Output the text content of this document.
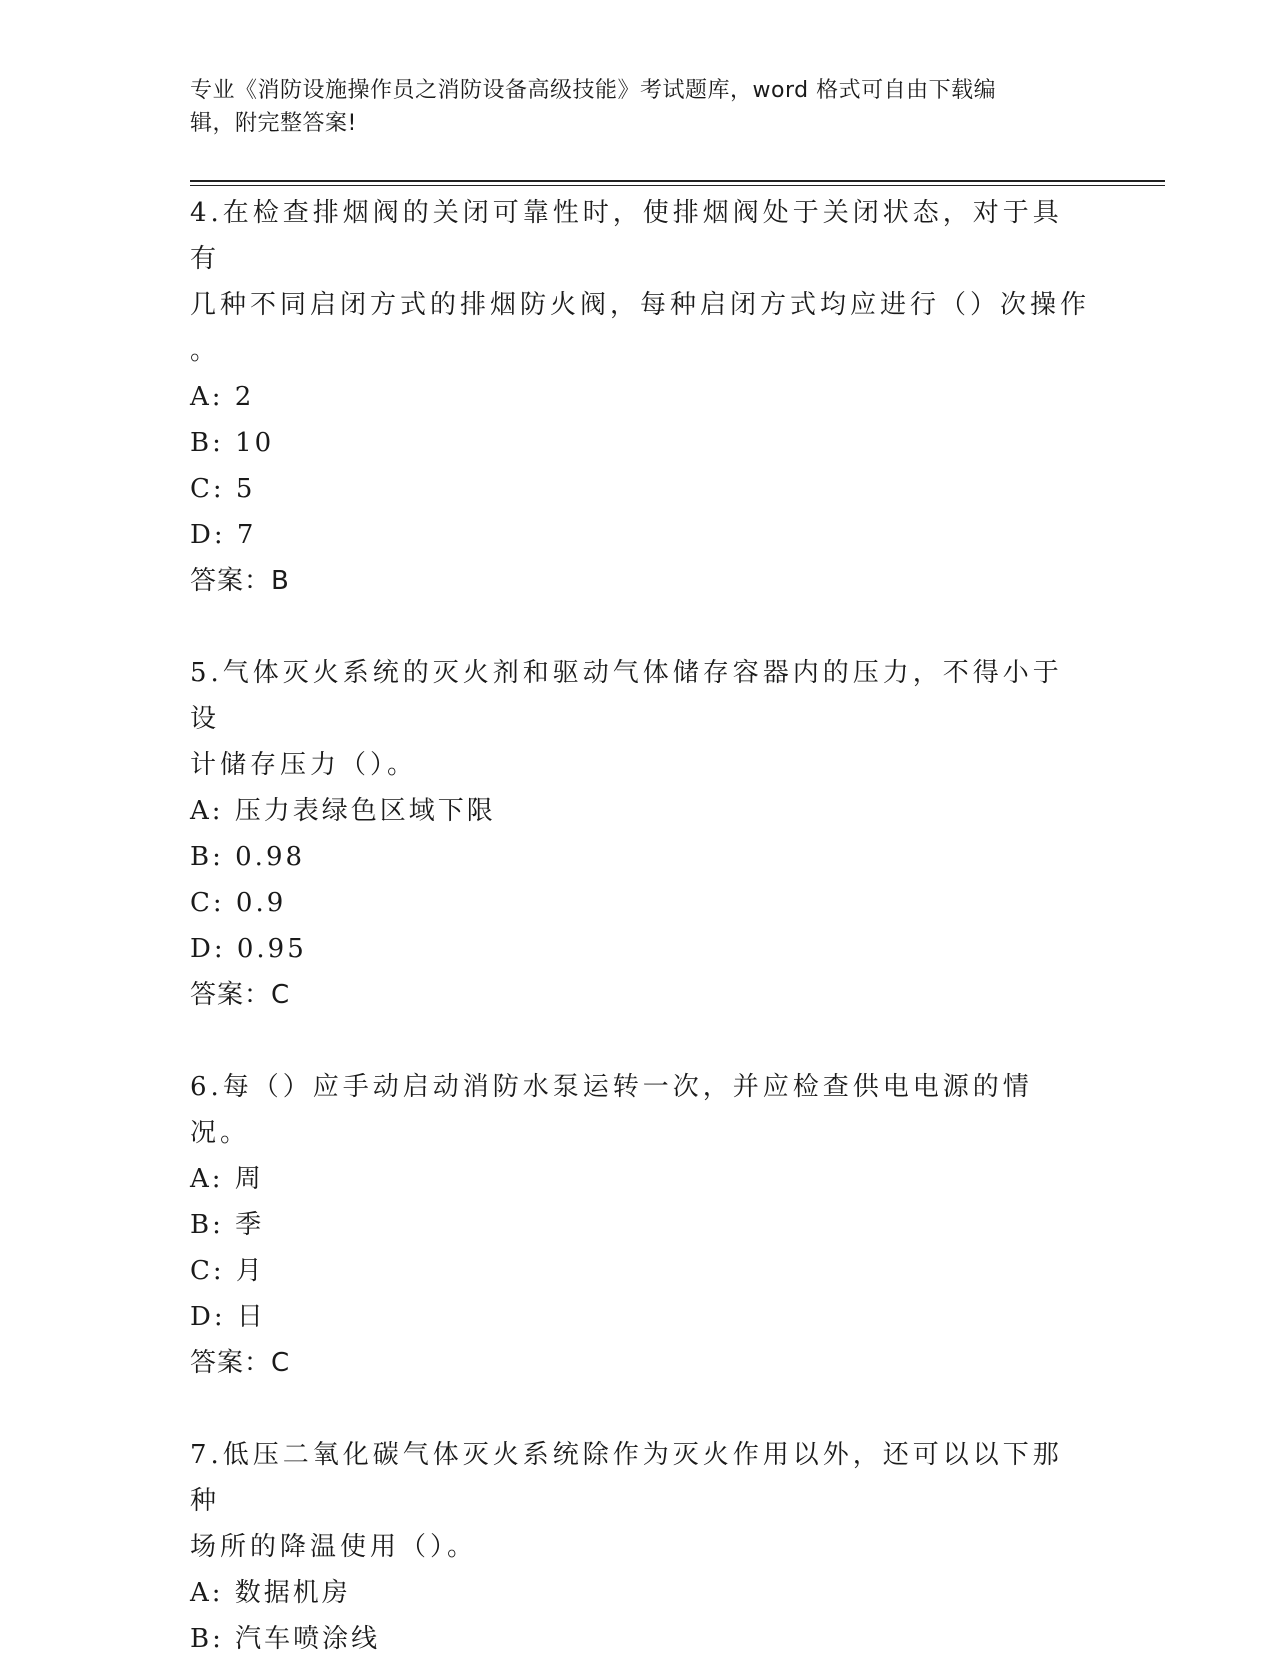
专业《消防设施操作员之消防设备高级技能》考试题库，word 格式可自由下载编
辑，附完整答案!

4.在检查排烟阀的关闭可靠性时，使排烟阀处于关闭状态，对于具有

几种不同启闭方式的排烟防火阀，每种启闭方式均应进行（）次操作

。

A: 2

B: 10

C: 5

D: 7

答案：B

5.气体灭火系统的灭火剂和驱动气体储存容器内的压力，不得小于设

计储存压力（）。

A: 压力表绿色区域下限

B: 0.98

C: 0.9

D: 0.95

答案：C

6.每（）应手动启动消防水泵运转一次，并应检查供电电源的情况。

A: 周

B: 季

C: 月

D: 日

答案：C

7.低压二氧化碳气体灭火系统除作为灭火作用以外，还可以以下那种

场所的降温使用（）。

A: 数据机房

B: 汽车喷涂线
